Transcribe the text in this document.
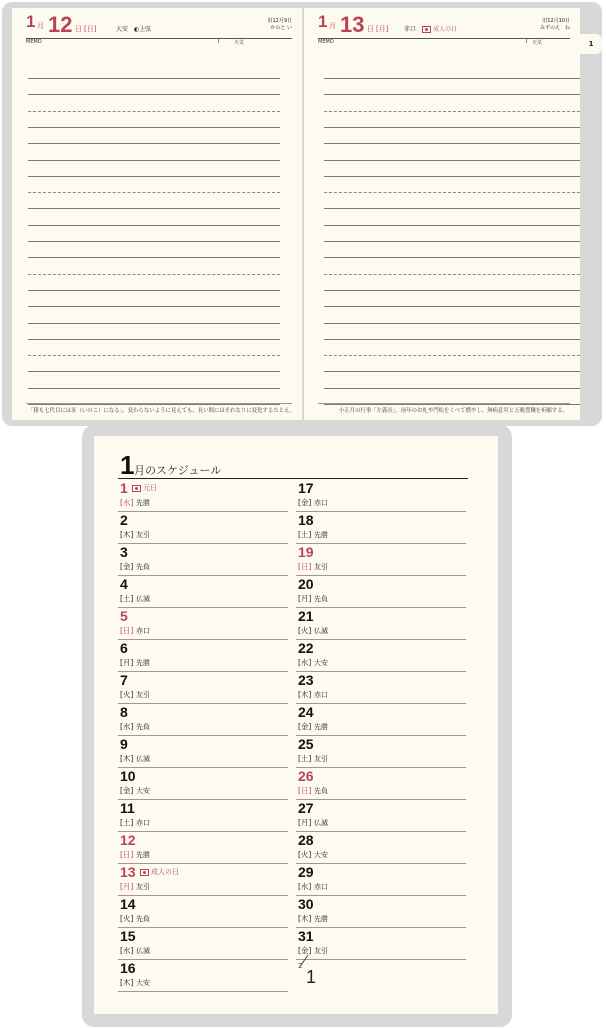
1
1 月 12 日 [日]	大安 ◐上弦
旧12月9日
かのと い
MEMO	天気
「猪も七代目には豕（いのこ）になる」。変わらないように見えても、長い間にはそれなりに変化するたとえ。
1 月 13 日 [月]	赤口	成人の日
旧12月10日
みずのえ　ね
MEMO	天気
小正月の行事「左義長」。前年のお札や門松をくべて燃やし、無病息災と五穀豊穣を祈願する。
1 月のスケジュール
1
[水] 先勝
元日
2
[木] 友引
3
[金] 先負
4
[土] 仏滅
5
[日] 赤口
6
[月] 先勝
7
[火] 友引
8
[水] 先負
9
[木] 仏滅
10
[金] 大安
11
[土] 赤口
12
[日] 先勝
13
[月] 友引
成人の日
14
[火] 先負
15
[水] 仏滅
16
[木] 大安
17
[金] 赤口
18
[土] 先勝
19
[日] 友引
20
[月] 先負
21
[火] 仏滅
22
[水] 大安
23
[木] 赤口
24
[金] 先勝
25
[土] 友引
26
[日] 先負
27
[月] 仏滅
28
[火] 大安
29
[水] 赤口
30
[木] 先勝
31
[金] 友引
2
1
